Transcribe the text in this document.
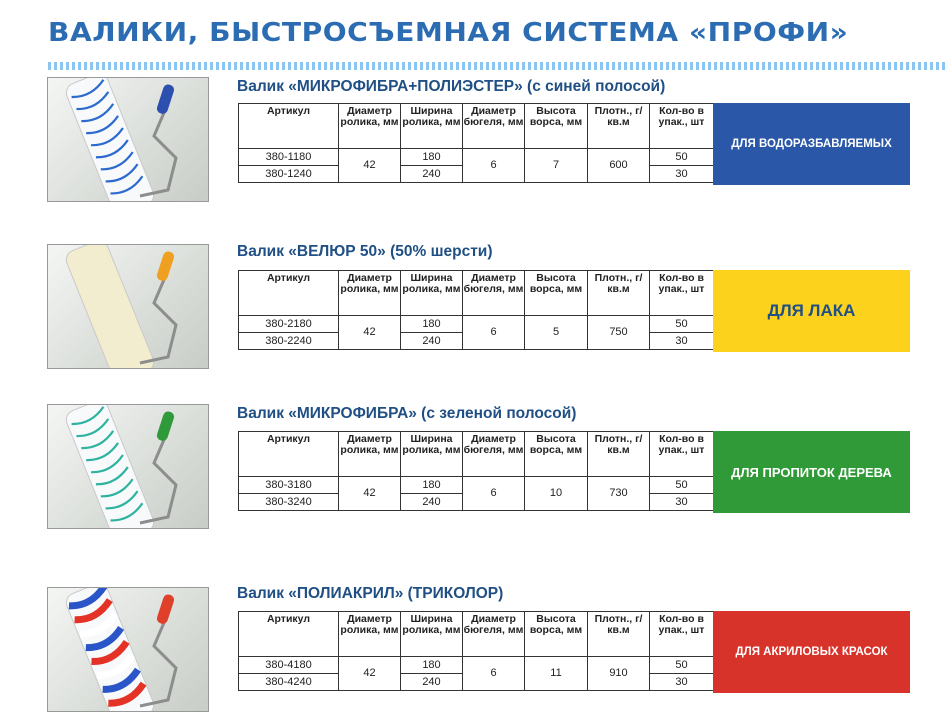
ВАЛИКИ, БЫСТРОСЪЕМНАЯ СИСТЕМА «ПРОФИ»
Валик «МИКРОФИБРА+ПОЛИЭСТЕР» (с синей полосой)
Артикул	Диаметр ролика, мм	Ширина ролика, мм	Диаметр бюгеля, мм	Высота ворса, мм	Плотн., г/кв.м	Кол-во в упак., шт
380-1180	42	180	6	7	600	50
380-1240		240				30
ДЛЯ ВОДОРАЗБАВЛЯЕМЫХ
Валик «ВЕЛЮР 50» (50% шерсти)
Артикул	Диаметр ролика, мм	Ширина ролика, мм	Диаметр бюгеля, мм	Высота ворса, мм	Плотн., г/кв.м	Кол-во в упак., шт
380-2180	42	180	6	5	750	50
380-2240		240				30
ДЛЯ ЛАКА
Валик «МИКРОФИБРА» (с зеленой полосой)
Артикул	Диаметр ролика, мм	Ширина ролика, мм	Диаметр бюгеля, мм	Высота ворса, мм	Плотн., г/кв.м	Кол-во в упак., шт
380-3180	42	180	6	10	730	50
380-3240		240				30
ДЛЯ ПРОПИТОК ДЕРЕВА
Валик «ПОЛИАКРИЛ» (ТРИКОЛОР)
Артикул	Диаметр ролика, мм	Ширина ролика, мм	Диаметр бюгеля, мм	Высота ворса, мм	Плотн., г/кв.м	Кол-во в упак., шт
380-4180	42	180	6	11	910	50
380-4240		240				30
ДЛЯ АКРИЛОВЫХ КРАСОК
